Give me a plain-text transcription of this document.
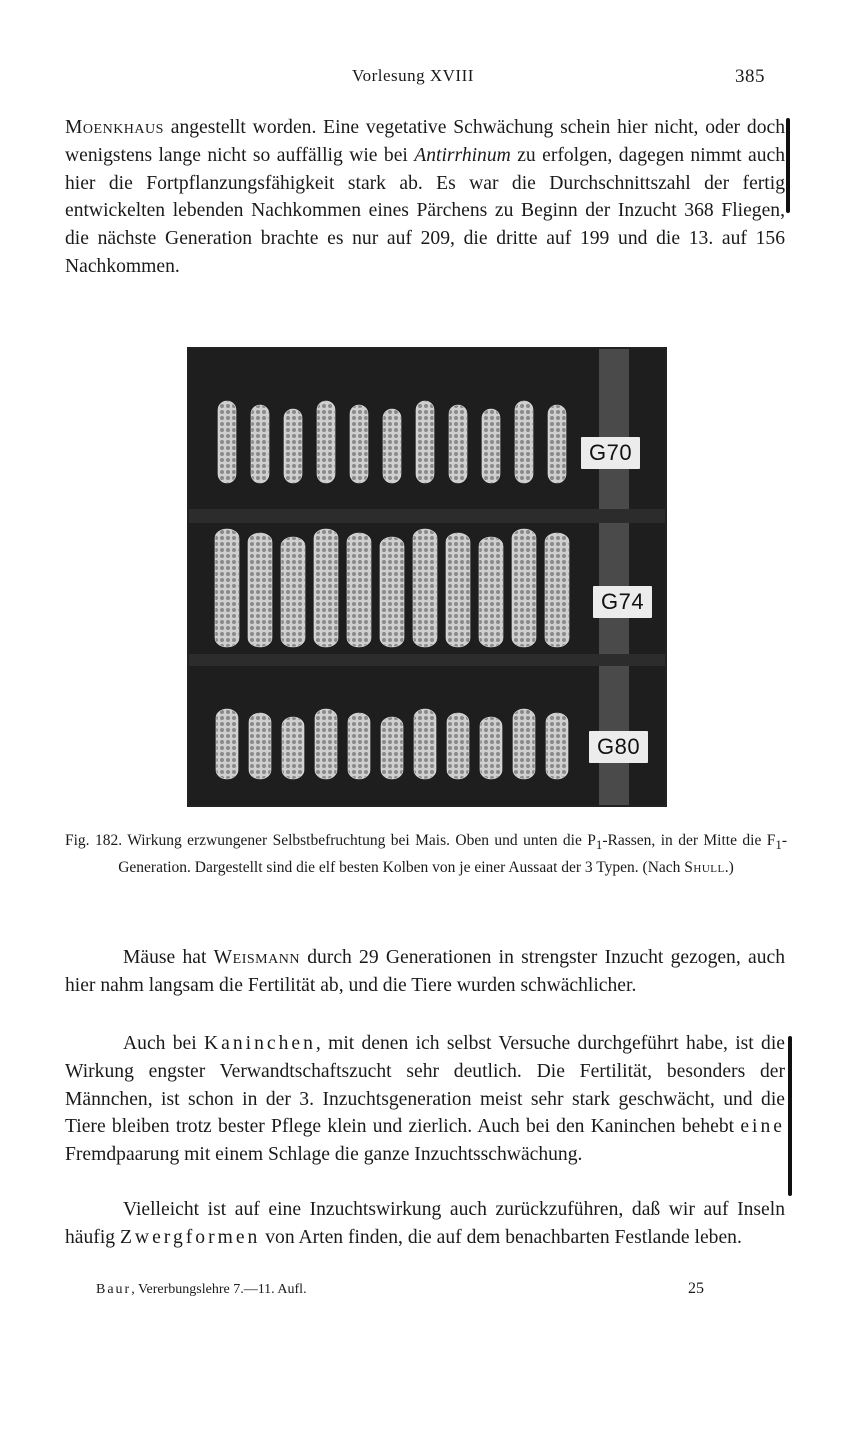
Vorlesung XVIII	385

Moenkhaus angestellt worden. Eine vegetative Schwächung schein hier nicht, oder doch wenigstens lange nicht so auffällig wie bei Antirrhinum zu erfolgen, dagegen nimmt auch hier die Fortpflanzungsfähigkeit stark ab. Es war die Durchschnittszahl der fertig entwickelten lebenden Nachkommen eines Pärchens zu Beginn der Inzucht 368 Fliegen, die nächste Generation brachte es nur auf 209, die dritte auf 199 und die 13. auf 156 Nachkommen.

G70
G74
G80

Fig. 182. Wirkung erzwungener Selbstbefruchtung bei Mais. Oben und unten die $P_1$-Rassen, in der Mitte die $F_1$-Generation. Dargestellt sind die elf besten Kolben von je einer Aussaat der 3 Typen. (Nach Shull.)

Mäuse hat Weismann durch 29 Generationen in strengster Inzucht gezogen, auch hier nahm langsam die Fertilität ab, und die Tiere wurden schwächlicher.

Auch bei Kaninchen, mit denen ich selbst Versuche durchgeführt habe, ist die Wirkung engster Verwandtschaftszucht sehr deutlich. Die Fertilität, besonders der Männchen, ist schon in der 3. Inzuchtsgeneration meist sehr stark geschwächt, und die Tiere bleiben trotz bester Pflege klein und zierlich. Auch bei den Kaninchen behebt eine Fremdpaarung mit einem Schlage die ganze Inzuchtsschwächung.

Vielleicht ist auf eine Inzuchtswirkung auch zurückzuführen, daß wir auf Inseln häufig Zwergformen von Arten finden, die auf dem benachbarten Festlande leben.

Baur, Vererbungslehre 7.—11. Aufl.	25
